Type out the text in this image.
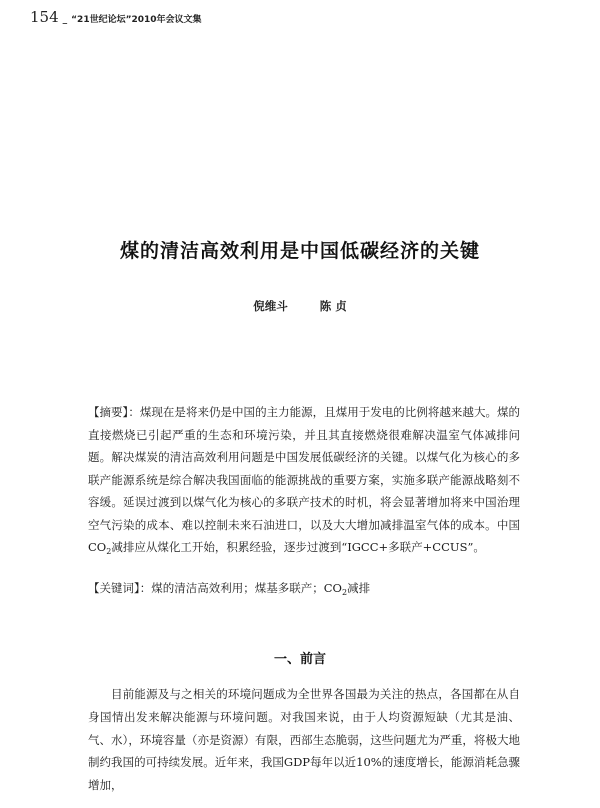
154 _ “21世纪论坛”2010年会议文集
煤的清洁高效利用是中国低碳经济的关键
倪维斗	陈 贞
【摘要】：煤现在是将来仍是中国的主力能源，且煤用于发电的比例将越来越大。煤的直接燃烧已引起严重的生态和环境污染，并且其直接燃烧很难解决温室气体减排问题。解决煤炭的清洁高效利用问题是中国发展低碳经济的关键。以煤气化为核心的多联产能源系统是综合解决我国面临的能源挑战的重要方案，实施多联产能源战略刻不容缓。延误过渡到以煤气化为核心的多联产技术的时机，将会显著增加将来中国治理空气污染的成本、难以控制未来石油进口，以及大大增加减排温室气体的成本。中国$CO_2$减排应从煤化工开始，积累经验，逐步过渡到“IGCC+多联产+CCUS”。
【关键词】：煤的清洁高效利用；煤基多联产；$CO_2$减排
一、前言
目前能源及与之相关的环境问题成为全世界各国最为关注的热点，各国都在从自身国情出发来解决能源与环境问题。对我国来说，由于人均资源短缺（尤其是油、气、水），环境容量（亦是资源）有限，西部生态脆弱，这些问题尤为严重，将极大地制约我国的可持续发展。近年来，我国GDP每年以近10%的速度增长，能源消耗急骤增加，
